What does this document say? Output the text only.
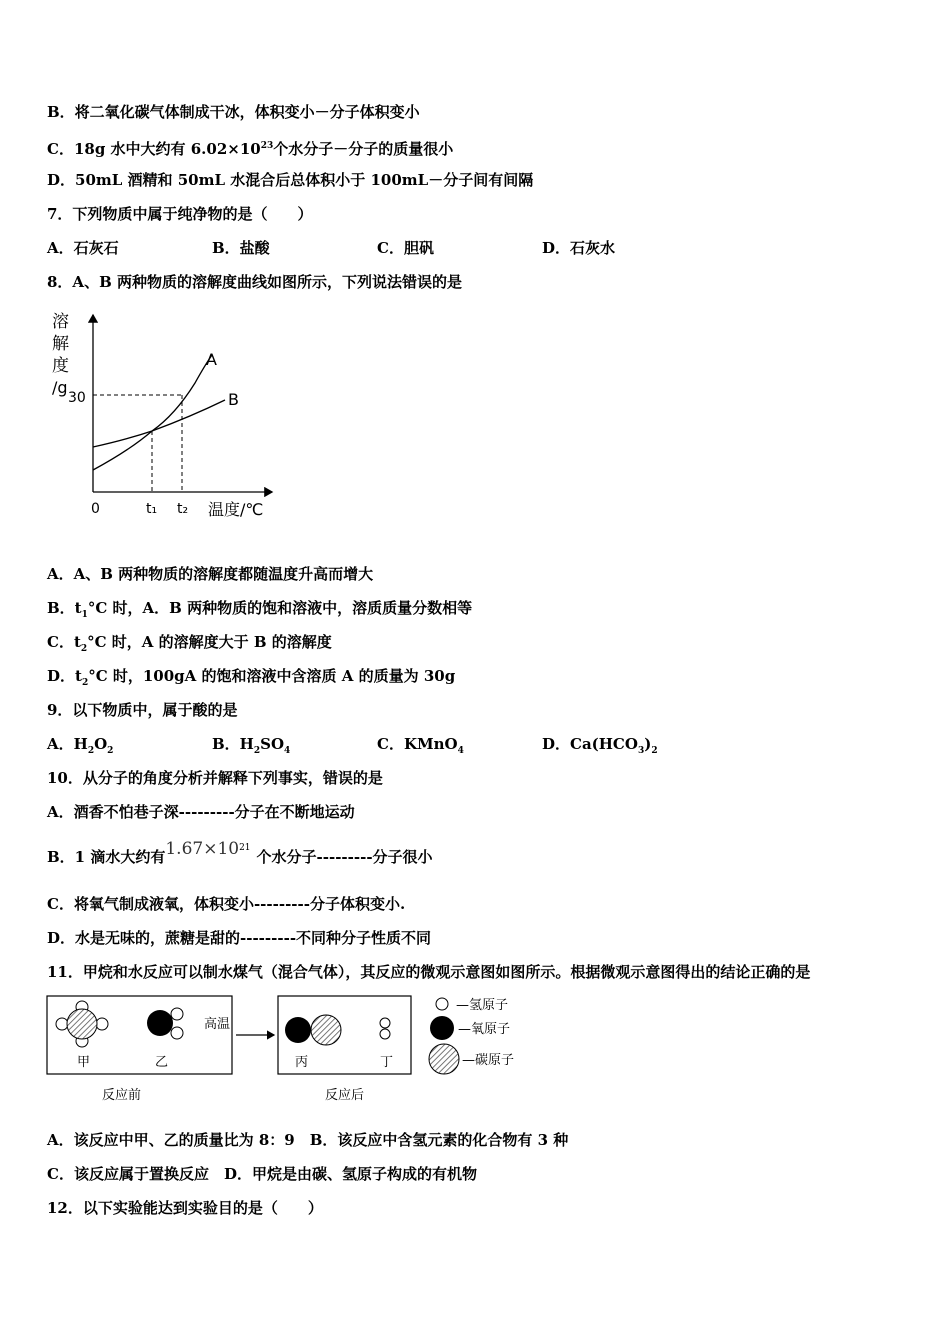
B．将二氧化碳气体制成干冰，体积变小－分子体积变小
C．18g 水中大约有 $6.02\times 10^{23}$个水分子－分子的质量很小
D．50mL 酒精和 50mL 水混合后总体积小于 100mL－分子间有间隔
7．下列物质中属于纯净物的是（　　）
A．石灰石	B．盐酸	C．胆矾	D．石灰水
8．A、B 两种物质的溶解度曲线如图所示，下列说法错误的是
溶
解
度
/g
30
0	t₁ t₂ 温度/℃
A
B
A．A、B 两种物质的溶解度都随温度升高而增大
B．$t_1^\circ C$ 时，A．B 两种物质的饱和溶液中，溶质质量分数相等
C．$t_2^\circ C$ 时，A 的溶解度大于 B 的溶解度
D．$t_2^\circ C$ 时，100gA 的饱和溶液中含溶质 A 的质量为 30g
9．以下物质中，属于酸的是
A．$H_2O_2$	B．$H_2SO_4$	C．KMnO$_4$	D．$Ca(HCO_3)_2$
10．从分子的角度分析并解释下列事实，错误的是
A．酒香不怕巷子深---------分子在不断地运动
B．1 滴水大约有$1.67\times 10^{21}$ 个水分子---------分子很小
C．将氧气制成液氧，体积变小---------分子体积变小.
D．水是无味的，蔗糖是甜的---------不同种分子性质不同
11．甲烷和水反应可以制水煤气（混合气体），其反应的微观示意图如图所示。根据微观示意图得出的结论正确的是
甲	乙
高温
丙	丁
反应前	反应后
—氢原子
—氧原子
—碳原子
A．该反应中甲、乙的质量比为 8：9　B．该反应中含氢元素的化合物有 3 种
C．该反应属于置换反应　D．甲烷是由碳、氢原子构成的有机物
12．以下实验能达到实验目的是（　　）
